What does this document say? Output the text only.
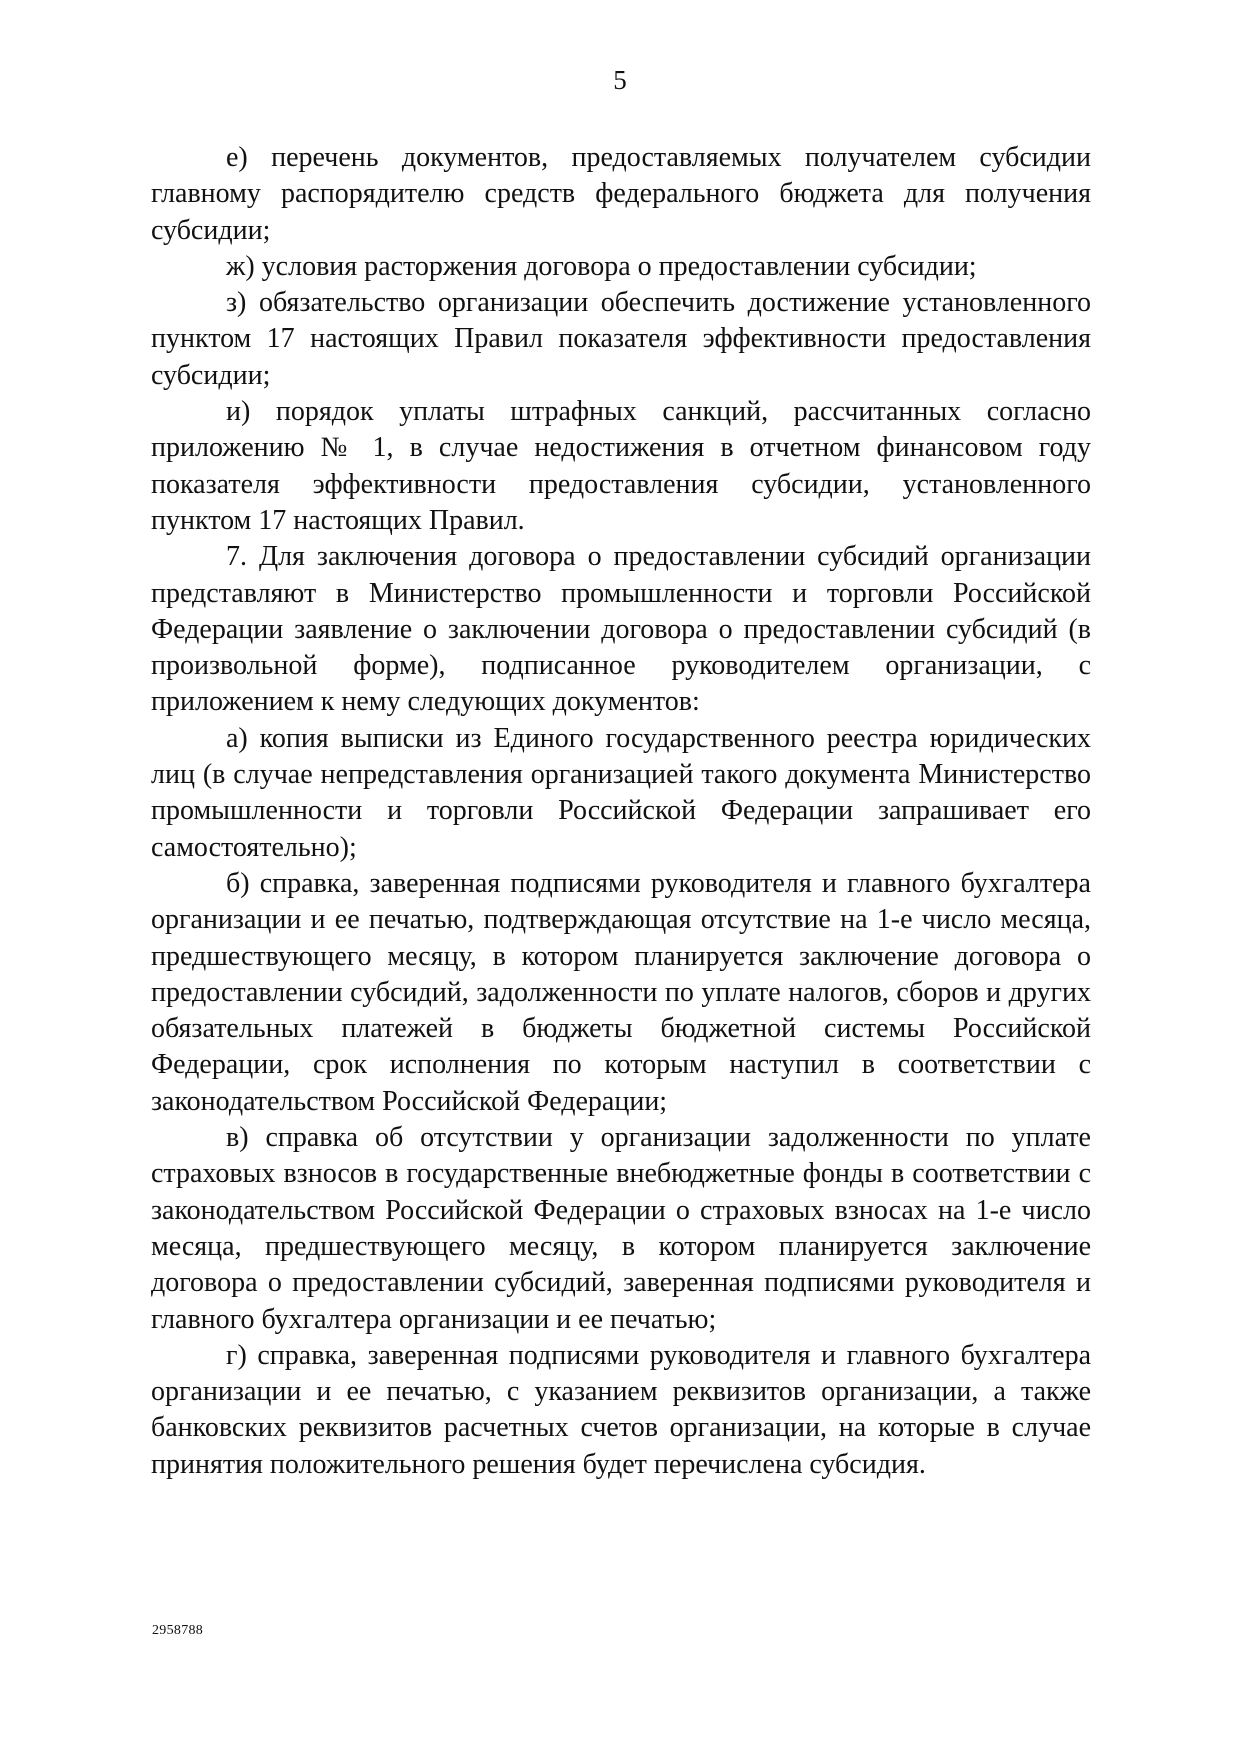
5

е) перечень документов, предоставляемых получателем субсидии главному распорядителю средств федерального бюджета для получения субсидии;

ж) условия расторжения договора о предоставлении субсидии;

з) обязательство организации обеспечить достижение установленного пунктом 17 настоящих Правил показателя эффективности предоставления субсидии;

и) порядок уплаты штрафных санкций, рассчитанных согласно приложению № 1, в случае недостижения в отчетном финансовом году показателя эффективности предоставления субсидии, установленного пунктом 17 настоящих Правил.

7. Для заключения договора о предоставлении субсидий организации представляют в Министерство промышленности и торговли Российской Федерации заявление о заключении договора о предоставлении субсидий (в произвольной форме), подписанное руководителем организации, с приложением к нему следующих документов:

а) копия выписки из Единого государственного реестра юридических лиц (в случае непредставления организацией такого документа Министерство промышленности и торговли Российской Федерации запрашивает его самостоятельно);

б) справка, заверенная подписями руководителя и главного бухгалтера организации и ее печатью, подтверждающая отсутствие на 1-е число месяца, предшествующего месяцу, в котором планируется заключение договора о предоставлении субсидий, задолженности по уплате налогов, сборов и других обязательных платежей в бюджеты бюджетной системы Российской Федерации, срок исполнения по которым наступил в соответствии с законодательством Российской Федерации;

в) справка об отсутствии у организации задолженности по уплате страховых взносов в государственные внебюджетные фонды в соответствии с законодательством Российской Федерации о страховых взносах на 1-е число месяца, предшествующего месяцу, в котором планируется заключение договора о предоставлении субсидий, заверенная подписями руководителя и главного бухгалтера организации и ее печатью;

г) справка, заверенная подписями руководителя и главного бухгалтера организации и ее печатью, с указанием реквизитов организации, а также банковских реквизитов расчетных счетов организации, на которые в случае принятия положительного решения будет перечислена субсидия.

2958788
